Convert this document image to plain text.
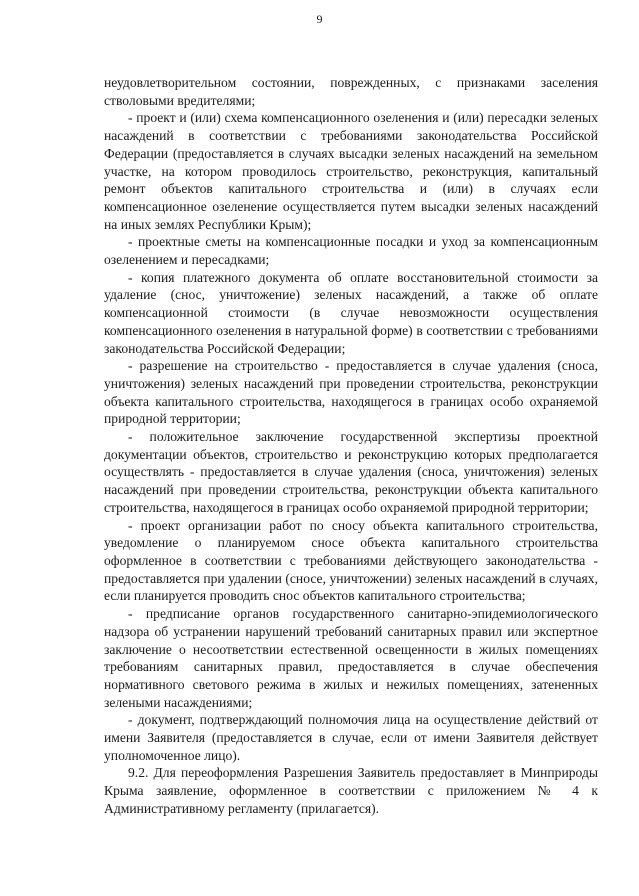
9

неудовлетворительном состоянии, поврежденных, с признаками заселения стволовыми вредителями;

- проект и (или) схема компенсационного озеленения и (или) пересадки зеленых насаждений в соответствии с требованиями законодательства Российской Федерации (предоставляется в случаях высадки зеленых насаждений на земельном участке, на котором проводилось строительство, реконструкция, капитальный ремонт объектов капитального строительства и (или) в случаях если компенсационное озеленение осуществляется путем высадки зеленых насаждений на иных землях Республики Крым);

- проектные сметы на компенсационные посадки и уход за компенсационным озеленением и пересадками;

- копия платежного документа об оплате восстановительной стоимости за удаление (снос, уничтожение) зеленых насаждений, а также об оплате компенсационной стоимости (в случае невозможности осуществления компенсационного озеленения в натуральной форме) в соответствии с требованиями законодательства Российской Федерации;

- разрешение на строительство - предоставляется в случае удаления (сноса, уничтожения) зеленых насаждений при проведении строительства, реконструкции объекта капитального строительства, находящегося в границах особо охраняемой природной территории;

- положительное заключение государственной экспертизы проектной документации объектов, строительство и реконструкцию которых предполагается осуществлять - предоставляется в случае удаления (сноса, уничтожения) зеленых насаждений при проведении строительства, реконструкции объекта капитального строительства, находящегося в границах особо охраняемой природной территории;

- проект организации работ по сносу объекта капитального строительства, уведомление о планируемом сносе объекта капитального строительства оформленное в соответствии с требованиями действующего законодательства - предоставляется при удалении (сносе, уничтожении) зеленых насаждений в случаях, если планируется проводить снос объектов капитального строительства;

- предписание органов государственного санитарно-эпидемиологического надзора об устранении нарушений требований санитарных правил или экспертное заключение о несоответствии естественной освещенности в жилых помещениях требованиям санитарных правил, предоставляется в случае обеспечения нормативного светового режима в жилых и нежилых помещениях, затененных зелеными насаждениями;

- документ, подтверждающий полномочия лица на осуществление действий от имени Заявителя (предоставляется в случае, если от имени Заявителя действует уполномоченное лицо).

9.2. Для переоформления Разрешения Заявитель предоставляет в Минприроды Крыма заявление, оформленное в соответствии с приложением № 4 к Административному регламенту (прилагается).
